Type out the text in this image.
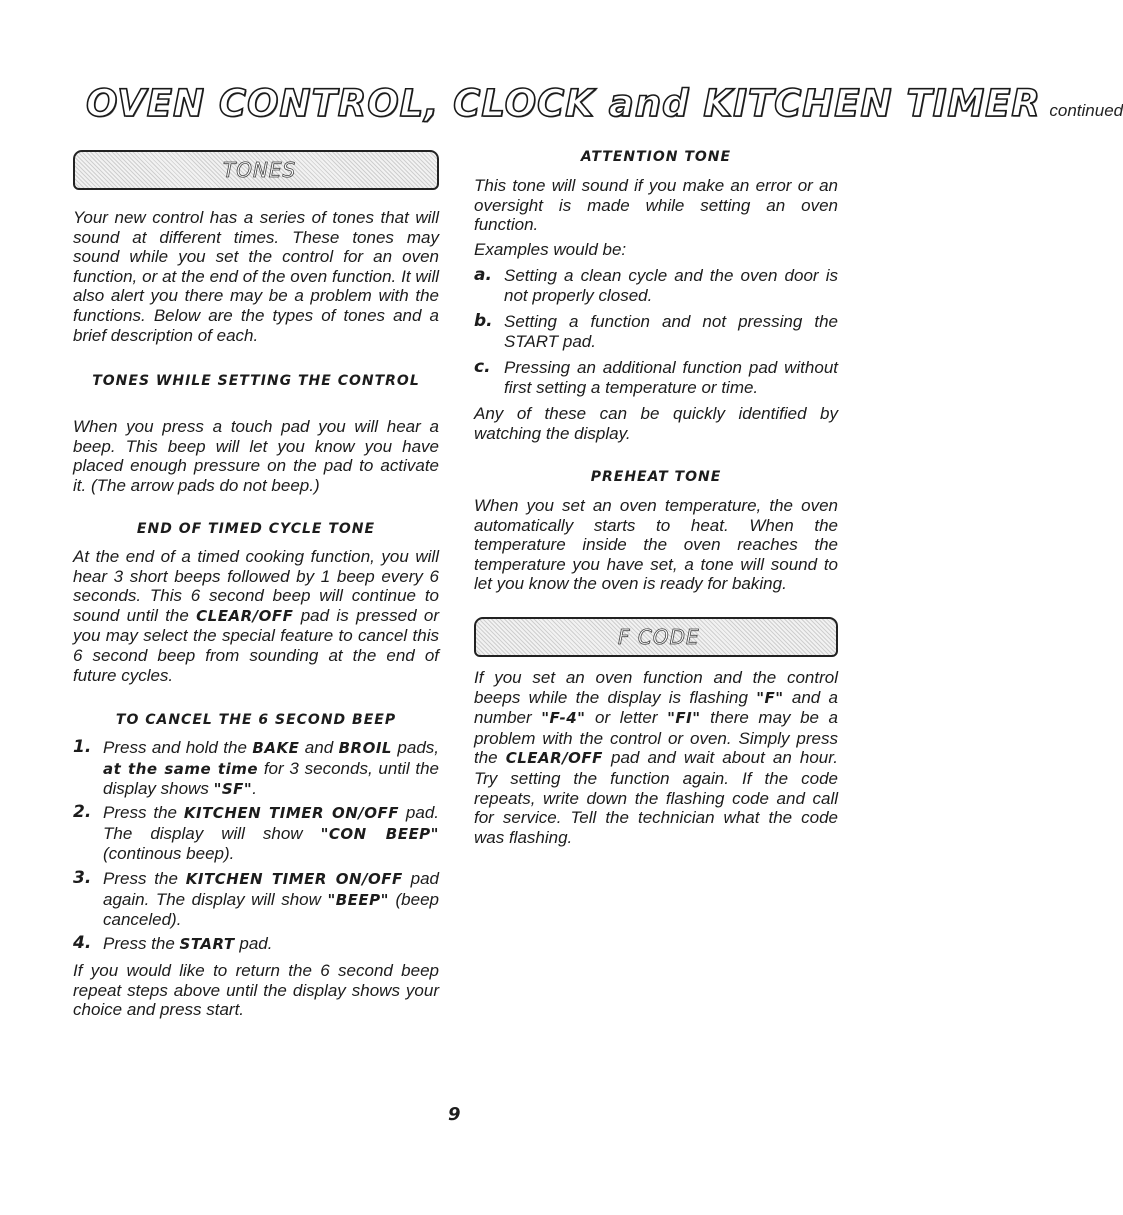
OVEN CONTROL, CLOCK and KITCHEN TIMER continued
TONES
Your new control has a series of tones that will sound at different times. These tones may sound while you set the control for an oven function, or at the end of the oven function. It will also alert you there may be a problem with the functions. Below are the types of tones and a brief description of each.
TONES WHILE SETTING THE CONTROL
When you press a touch pad you will hear a beep. This beep will let you know you have placed enough pressure on the pad to activate it. (The arrow pads do not beep.)
END OF TIMED CYCLE TONE
At the end of a timed cooking function, you will hear 3 short beeps followed by 1 beep every 6 seconds. This 6 second beep will continue to sound until the CLEAR/OFF pad is pressed or you may select the special feature to cancel this 6 second beep from sounding at the end of future cycles.
TO CANCEL THE 6 SECOND BEEP
1. Press and hold the BAKE and BROIL pads, at the same time for 3 seconds, until the display shows "SF".
2. Press the KITCHEN TIMER ON/OFF pad. The display will show "CON BEEP" (continous beep).
3. Press the KITCHEN TIMER ON/OFF pad again. The display will show "BEEP" (beep canceled).
4. Press the START pad.
If you would like to return the 6 second beep repeat steps above until the display shows your choice and press start.
ATTENTION TONE
This tone will sound if you make an error or an oversight is made while setting an oven function.
Examples would be:
a. Setting a clean cycle and the oven door is not properly closed.
b. Setting a function and not pressing the START pad.
c. Pressing an additional function pad without first setting a temperature or time.
Any of these can be quickly identified by watching the display.
PREHEAT TONE
When you set an oven temperature, the oven automatically starts to heat. When the temperature inside the oven reaches the temperature you have set, a tone will sound to let you know the oven is ready for baking.
F CODE
If you set an oven function and the control beeps while the display is flashing "F" and a number "F-4" or letter "FI" there may be a problem with the control or oven. Simply press the CLEAR/OFF pad and wait about an hour. Try setting the function again. If the code repeats, write down the flashing code and call for service. Tell the technician what the code was flashing.
9
